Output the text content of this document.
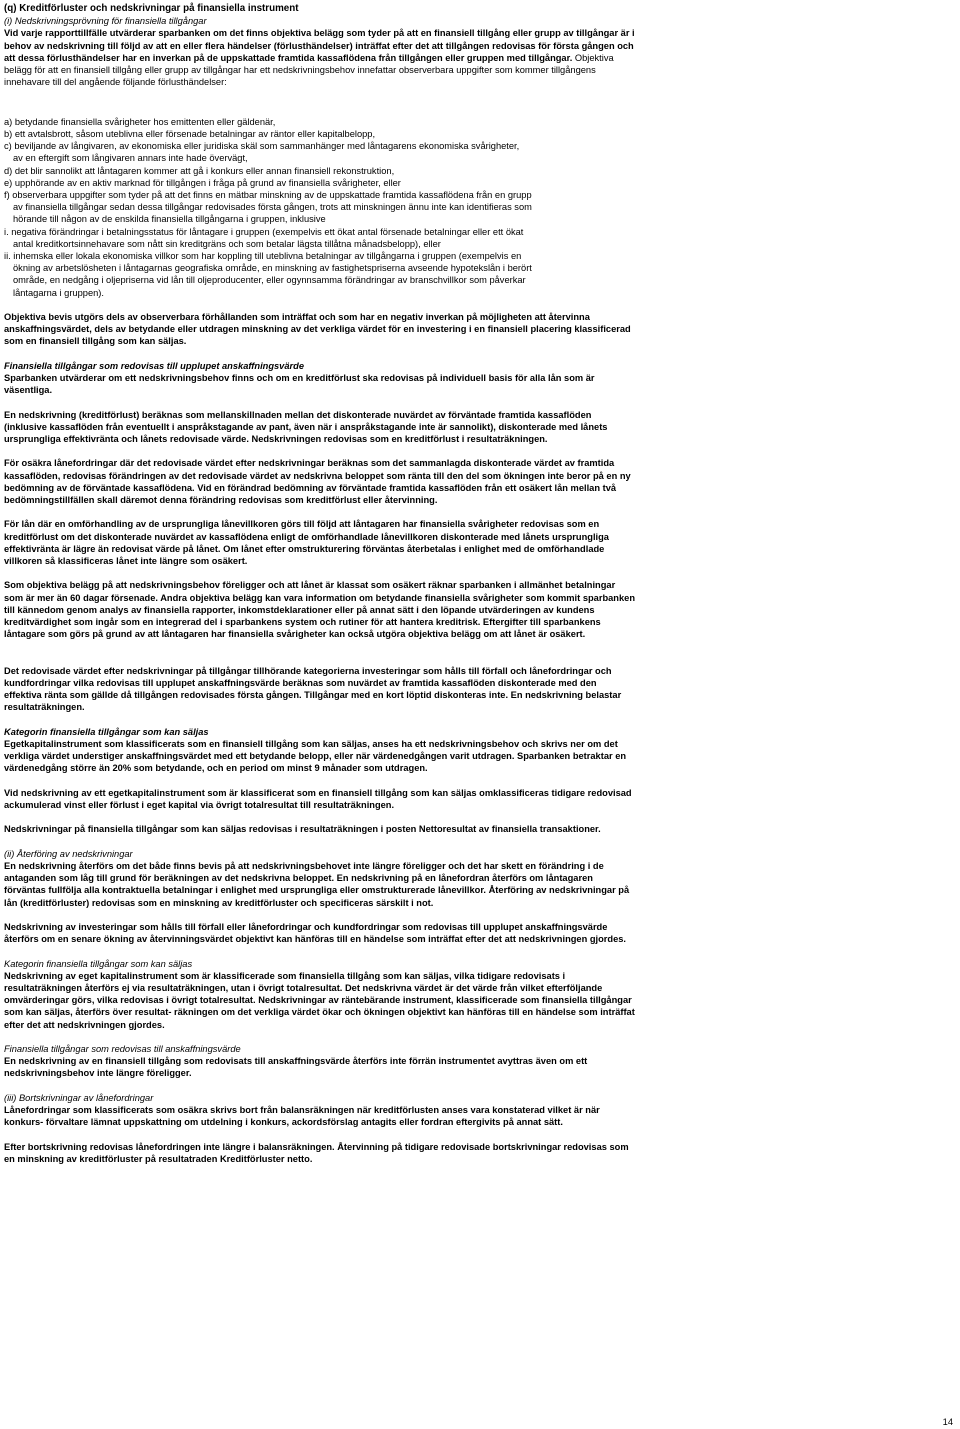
(q) Kreditförluster och nedskrivningar på finansiella instrument

(i) Nedskrivningsprövning för finansiella tillgångar

Vid varje rapporttillfälle utvärderar sparbanken om det finns objektiva belägg som tyder på att en finansiell tillgång eller grupp av tillgångar är i behov av nedskrivning till följd av att en eller flera händelser (förlusthändelser) inträffat efter det att tillgången redovisas för första gången och att dessa förlusthändelser har en inverkan på de uppskattade framtida kassaflödena från tillgången eller gruppen med tillgångar. Objektiva belägg för att en finansiell tillgång eller grupp av tillgångar har ett nedskrivningsbehov innefattar observerbara uppgifter som kommer tillgångens innehavare till del angående följande förlusthändelser:

a) betydande finansiella svårigheter hos emittenten eller gäldenär,

b) ett avtalsbrott, såsom uteblivna eller försenade betalningar av räntor eller kapitalbelopp,

c) beviljande av långivaren, av ekonomiska eller juridiska skäl som sammanhänger med låntagarens ekonomiska svårigheter,

av en eftergift som långivaren annars inte hade övervägt,

d) det blir sannolikt att låntagaren kommer att gå i konkurs eller annan finansiell rekonstruktion,

e) upphörande av en aktiv marknad för tillgången i fråga på grund av finansiella svårigheter, eller

f) observerbara uppgifter som tyder på att det finns en mätbar minskning av de uppskattade framtida kassaflödena från en grupp

av finansiella tillgångar sedan dessa tillgångar redovisades första gången, trots att minskningen ännu inte kan identifieras som

hörande till någon av de enskilda finansiella tillgångarna i gruppen, inklusive

i. negativa förändringar i betalningsstatus för låntagare i gruppen (exempelvis ett ökat antal försenade betalningar eller ett ökat

antal kreditkortsinnehavare som nått sin kreditgräns och som betalar lägsta tillåtna månadsbelopp), eller

ii. inhemska eller lokala ekonomiska villkor som har koppling till uteblivna betalningar av tillgångarna i gruppen (exempelvis en

ökning av arbetslösheten i låntagarnas geografiska område, en minskning av fastighetspriserna avseende hypotekslån i berört

område, en nedgång i oljepriserna vid lån till oljeproducenter, eller ogynnsamma förändringar av branschvillkor som påverkar

låntagarna i gruppen).

Objektiva bevis utgörs dels av observerbara förhållanden som inträffat och som har en negativ inverkan på möjligheten att återvinna anskaffningsvärdet, dels av betydande eller utdragen minskning av det verkliga värdet för en investering i en finansiell placering klassificerad som en finansiell tillgång som kan säljas.

Finansiella tillgångar som redovisas till upplupet anskaffningsvärde

Sparbanken utvärderar om ett nedskrivningsbehov finns och om en kreditförlust ska redovisas på individuell basis för alla lån som är väsentliga.

En nedskrivning (kreditförlust) beräknas som mellanskillnaden mellan det diskonterade nuvärdet av förväntade framtida kassaflöden (inklusive kassaflöden från eventuellt i anspråkstagande av pant, även när i anspråkstagande inte är sannolikt), diskonterade med lånets ursprungliga effektivränta och lånets redovisade värde. Nedskrivningen redovisas som en kreditförlust i resultaträkningen.

För osäkra lånefordringar där det redovisade värdet efter nedskrivningar beräknas som det sammanlagda diskonterade värdet av framtida kassaflöden, redovisas förändringen av det redovisade värdet av nedskrivna beloppet som ränta till den del som ökningen inte beror på en ny bedömning av de förväntade kassaflödena. Vid en förändrad bedömning av förväntade framtida kassaflöden från ett osäkert lån mellan två bedömningstillfällen skall däremot denna förändring redovisas som kreditförlust eller återvinning.

För lån där en omförhandling av de ursprungliga lånevillkoren görs till följd att låntagaren har finansiella svårigheter redovisas som en kreditförlust om det diskonterade nuvärdet av kassaflödena enligt de omförhandlade lånevillkoren diskonterade med lånets ursprungliga effektivränta är lägre än redovisat värde på lånet. Om lånet efter omstrukturering förväntas återbetalas i enlighet med de omförhandlade villkoren så klassificeras lånet inte längre som osäkert.

Som objektiva belägg på att nedskrivningsbehov föreligger och att lånet är klassat som osäkert räknar sparbanken i allmänhet betalningar som är mer än 60 dagar försenade. Andra objektiva belägg kan vara information om betydande finansiella svårigheter som kommit sparbanken till kännedom genom analys av finansiella rapporter, inkomstdeklarationer eller på annat sätt i den löpande utvärderingen av kundens kreditvärdighet som ingår som en integrerad del i sparbankens system och rutiner för att hantera kreditrisk. Eftergifter till sparbankens låntagare som görs på grund av att låntagaren har finansiella svårigheter kan också utgöra objektiva belägg om att lånet är osäkert.

Det redovisade värdet efter nedskrivningar på tillgångar tillhörande kategorierna investeringar som hålls till förfall och lånefordringar och kundfordringar vilka redovisas till upplupet anskaffningsvärde beräknas som nuvärdet av framtida kassaflöden diskonterade med den effektiva ränta som gällde då tillgången redovisades första gången. Tillgångar med en kort löptid diskonteras inte. En nedskrivning belastar resultaträkningen.

Kategorin finansiella tillgångar som kan säljas

Egetkapitalinstrument som klassificerats som en finansiell tillgång som kan säljas, anses ha ett nedskrivningsbehov och skrivs ner om det verkliga värdet understiger anskaffningsvärdet med ett betydande belopp, eller när värdenedgången varit utdragen. Sparbanken betraktar en värdenedgång större än 20% som betydande, och en period om minst 9 månader som utdragen.

Vid nedskrivning av ett egetkapitalinstrument som är klassificerat som en finansiell tillgång som kan säljas omklassificeras tidigare redovisad ackumulerad vinst eller förlust i eget kapital via övrigt totalresultat till resultaträkningen.

Nedskrivningar på finansiella tillgångar som kan säljas redovisas i resultaträkningen i posten Nettoresultat av finansiella transaktioner.

(ii) Återföring av nedskrivningar

En nedskrivning återförs om det både finns bevis på att nedskrivningsbehovet inte längre föreligger och det har skett en förändring i de antaganden som låg till grund för beräkningen av det nedskrivna beloppet. En nedskrivning på en lånefordran återförs om låntagaren förväntas fullfölja alla kontraktuella betalningar i enlighet med ursprungliga eller omstrukturerade lånevillkor. Återföring av nedskrivningar på lån (kreditförluster) redovisas som en minskning av kreditförluster och specificeras särskilt i not.

Nedskrivning av investeringar som hålls till förfall eller lånefordringar och kundfordringar som redovisas till upplupet anskaffningsvärde återförs om en senare ökning av återvinningsvärdet objektivt kan hänföras till en händelse som inträffat efter det att nedskrivningen gjordes.

Kategorin finansiella tillgångar som kan säljas

Nedskrivning av eget kapitalinstrument som är klassificerade som finansiella tillgång som kan säljas, vilka tidigare redovisats i resultaträkningen återförs ej via resultaträkningen, utan i övrigt totalresultat. Det nedskrivna värdet är det värde från vilket efterföljande omvärderingar görs, vilka redovisas i övrigt totalresultat. Nedskrivningar av räntebärande instrument, klassificerade som finansiella tillgångar som kan säljas, återförs över resultat- räkningen om det verkliga värdet ökar och ökningen objektivt kan hänföras till en händelse som inträffat efter det att nedskrivningen gjordes.

Finansiella tillgångar som redovisas till anskaffningsvärde

En nedskrivning av en finansiell tillgång som redovisats till anskaffningsvärde återförs inte förrän instrumentet avyttras även om ett nedskrivningsbehov inte längre föreligger.

(iii) Bortskrivningar av lånefordringar

Lånefordringar som klassificerats som osäkra skrivs bort från balansräkningen när kreditförlusten anses vara konstaterad vilket är när konkurs- förvaltare lämnat uppskattning om utdelning i konkurs, ackordsförslag antagits eller fordran eftergivits på annat sätt.

Efter bortskrivning redovisas lånefordringen inte längre i balansräkningen. Återvinning på tidigare redovisade bortskrivningar redovisas som en minskning av kreditförluster på resultatraden Kreditförluster netto.

14
